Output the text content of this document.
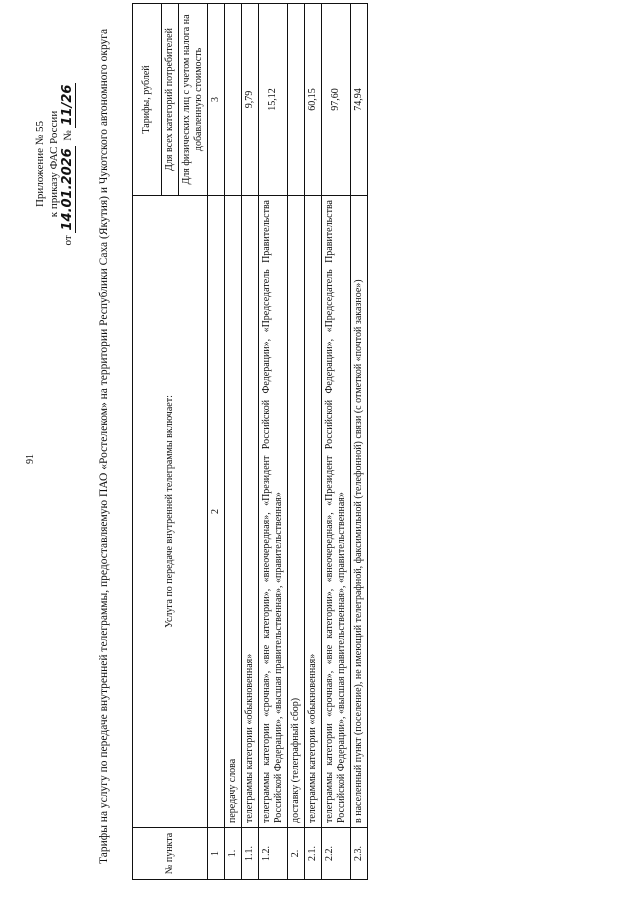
91
Приложение № 55 к приказу ФАС России
от 14.01.2026  № 11/26 Тарифы на услугу по передаче внутренней телеграммы, предоставляемую ПАО «Ростелеком» на территории Республики Саха (Якутия) и Чукотского автономного округа	№ пункта	Услуга по передаче внутренней телеграммы включает:	Тарифы, рублей
		Для всех категорий потребителей
		Для физических лиц с учетом налога на добавленную стоимость
1	2	3
1.	передачу слова	
1.1.	телеграммы категории «обыкновенная»	9,79
1.2.	телеграммы категории «срочная», «вне категории», «внеочередная», «Президент Российской Федерации», «Председатель Правительства Российской Федерации», «высшая правительственная», «правительственная»	15,12
2.	доставку (телеграфный сбор)	
2.1.	телеграммы категории «обыкновенная»	60,15
2.2.	телеграммы категории «срочная», «вне категории», «внеочередная», «Президент Российской Федерации», «Председатель Правительства Российской Федерации», «высшая правительственная», «правительственная»	97,60
2.3.	в населенный пункт (поселение), не имеющий телеграфной, факсимильной (телефонной) связи (с отметкой «почтой заказное»)	74,94
